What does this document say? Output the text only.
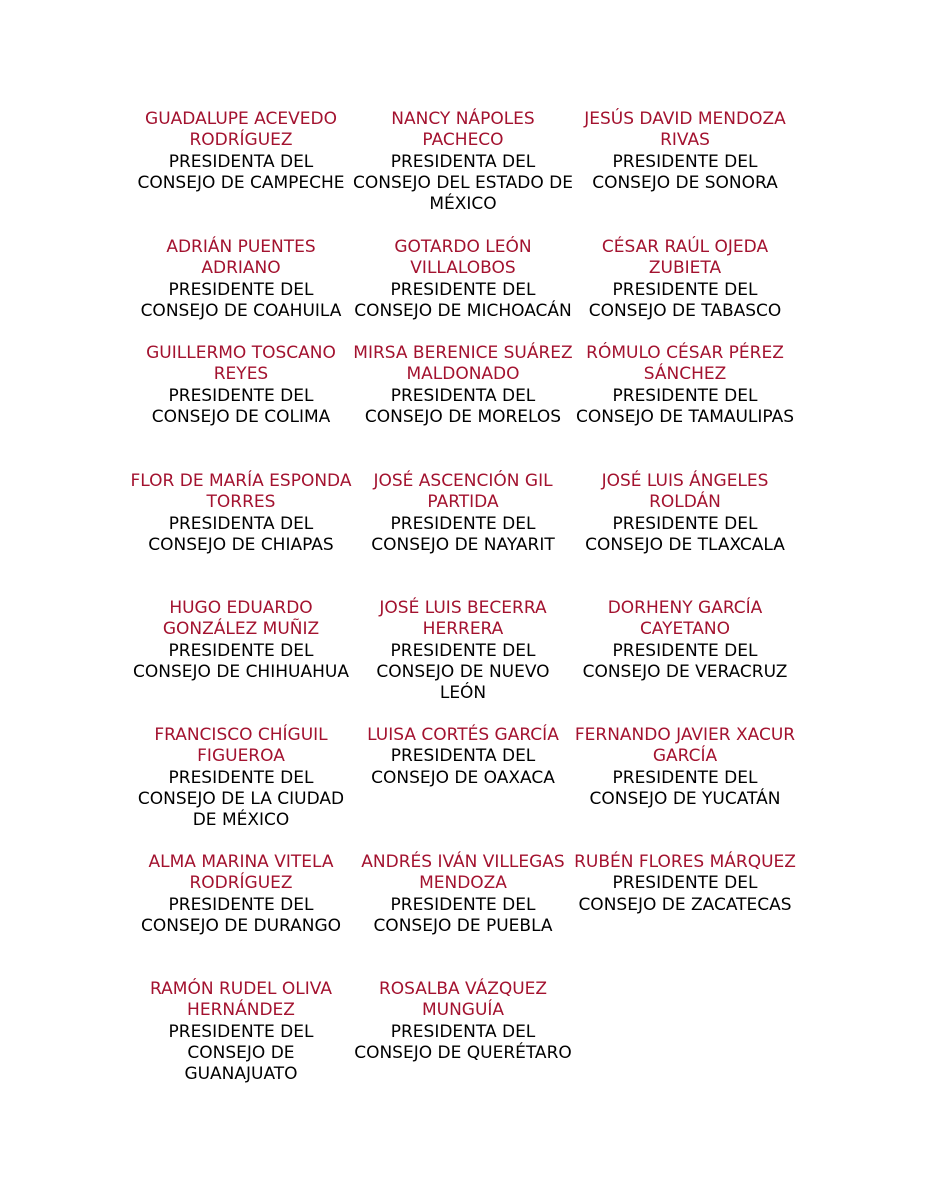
GUADALUPE ACEVEDO RODRÍGUEZ
PRESIDENTA DEL CONSEJO DE CAMPECHE
NANCY NÁPOLES PACHECO
PRESIDENTA DEL CONSEJO DEL ESTADO DE MÉXICO
JESÚS DAVID MENDOZA RIVAS
PRESIDENTE DEL CONSEJO DE SONORA
ADRIÁN PUENTES ADRIANO
PRESIDENTE DEL CONSEJO DE COAHUILA
GOTARDO LEÓN VILLALOBOS
PRESIDENTE DEL CONSEJO DE MICHOACÁN
CÉSAR RAÚL OJEDA ZUBIETA
PRESIDENTE DEL CONSEJO DE TABASCO
GUILLERMO TOSCANO REYES
PRESIDENTE DEL CONSEJO DE COLIMA
MIRSA BERENICE SUÁREZ MALDONADO
PRESIDENTA DEL CONSEJO DE MORELOS
RÓMULO CÉSAR PÉREZ SÁNCHEZ
PRESIDENTE DEL CONSEJO DE TAMAULIPAS
FLOR DE MARÍA ESPONDA TORRES
PRESIDENTA DEL CONSEJO DE CHIAPAS
JOSÉ ASCENCIÓN GIL PARTIDA
PRESIDENTE DEL CONSEJO DE NAYARIT
JOSÉ LUIS ÁNGELES ROLDÁN
PRESIDENTE DEL CONSEJO DE TLAXCALA
HUGO EDUARDO GONZÁLEZ MUÑIZ
PRESIDENTE DEL CONSEJO DE CHIHUAHUA
JOSÉ LUIS BECERRA HERRERA
PRESIDENTE DEL CONSEJO DE NUEVO LEÓN
DORHENY GARCÍA CAYETANO
PRESIDENTE DEL CONSEJO DE VERACRUZ
FRANCISCO CHÍGUIL FIGUEROA
PRESIDENTE DEL CONSEJO DE LA CIUDAD DE MÉXICO
LUISA CORTÉS GARCÍA
PRESIDENTA DEL CONSEJO DE OAXACA
FERNANDO JAVIER XACUR GARCÍA
PRESIDENTE DEL CONSEJO DE YUCATÁN
ALMA MARINA VITELA RODRÍGUEZ
PRESIDENTE DEL CONSEJO DE DURANGO
ANDRÉS IVÁN VILLEGAS MENDOZA
PRESIDENTE DEL CONSEJO DE PUEBLA
RUBÉN FLORES MÁRQUEZ
PRESIDENTE DEL CONSEJO DE ZACATECAS
RAMÓN RUDEL OLIVA HERNÁNDEZ
PRESIDENTE DEL CONSEJO DE GUANAJUATO
ROSALBA VÁZQUEZ MUNGUÍA
PRESIDENTA DEL CONSEJO DE QUERÉTARO
